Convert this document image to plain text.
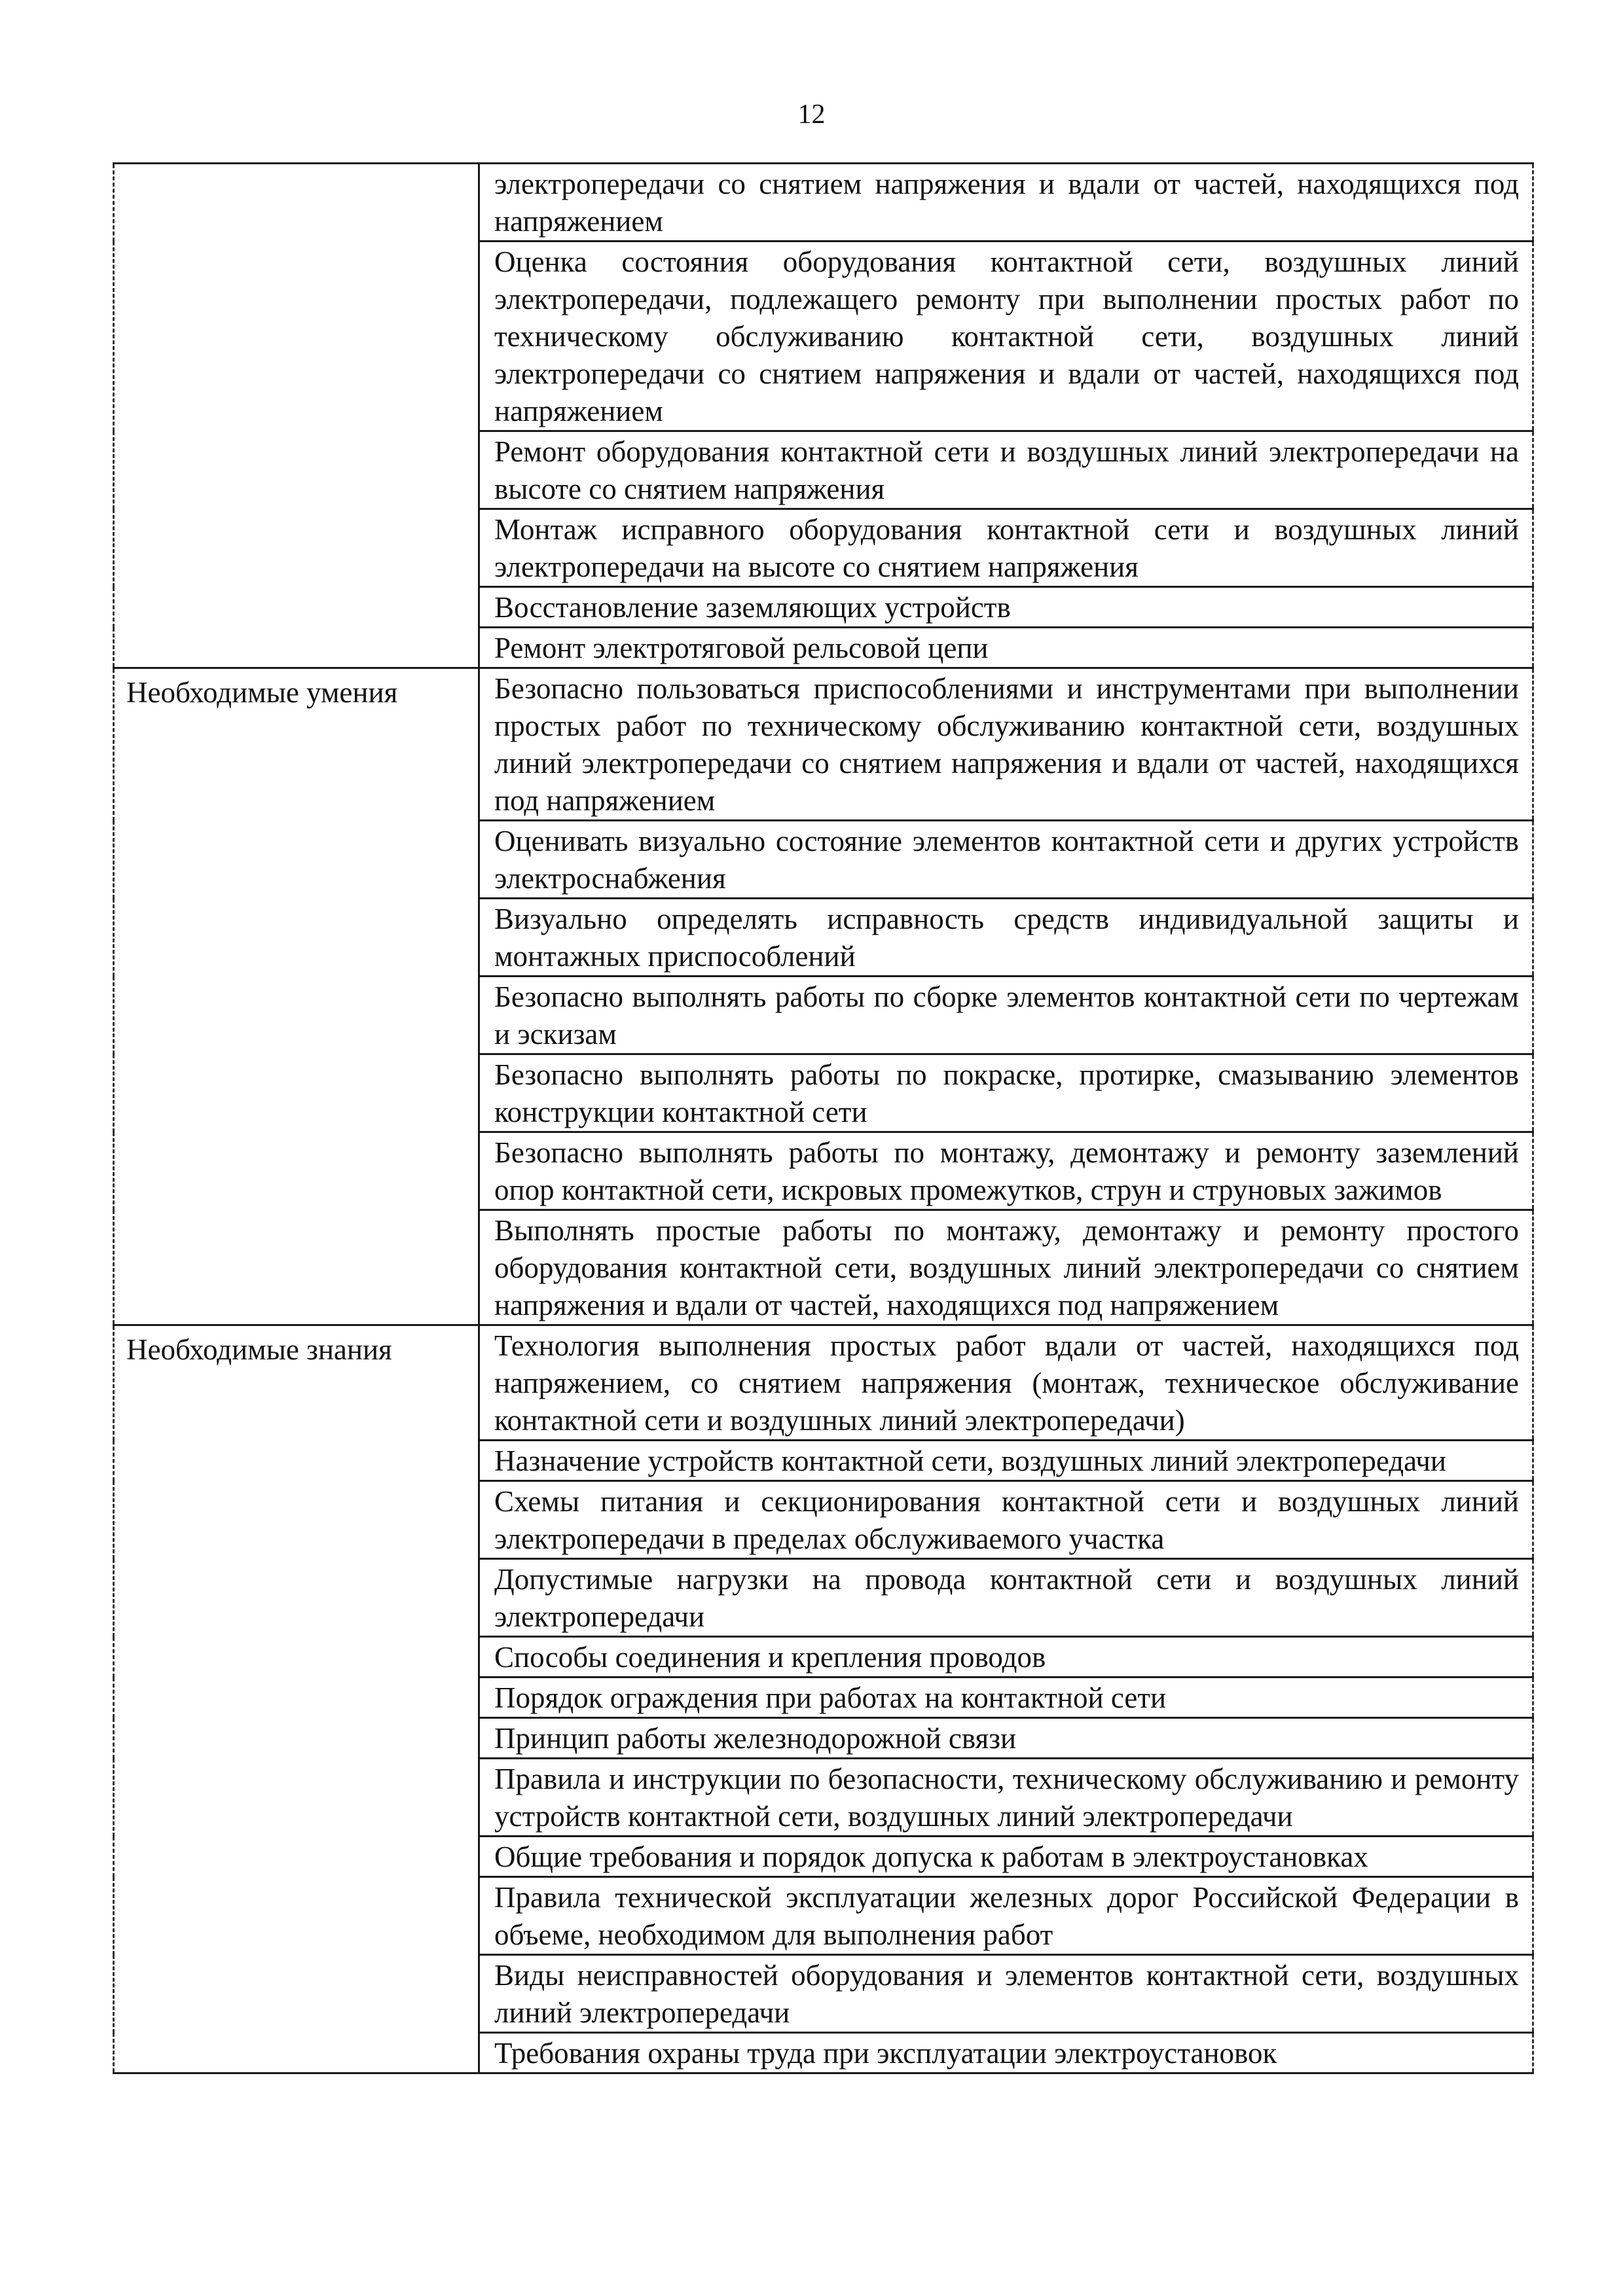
12
	электропередачи со снятием напряжения и вдали от частей, находящихся под напряжением
	Оценка состояния оборудования контактной сети, воздушных линий электропередачи, подлежащего ремонту при выполнении простых работ по техническому обслуживанию контактной сети, воздушных линий электропередачи со снятием напряжения и вдали от частей, находящихся под напряжением
	Ремонт оборудования контактной сети и воздушных линий электропередачи на высоте со снятием напряжения
	Монтаж исправного оборудования контактной сети и воздушных линий электропередачи на высоте со снятием напряжения
	Восстановление заземляющих устройств
	Ремонт электротяговой рельсовой цепи
Необходимые умения	Безопасно пользоваться приспособлениями и инструментами при выполнении простых работ по техническому обслуживанию контактной сети, воздушных линий электропередачи со снятием напряжения и вдали от частей, находящихся под напряжением
	Оценивать визуально состояние элементов контактной сети и других устройств электроснабжения
	Визуально определять исправность средств индивидуальной защиты и монтажных приспособлений
	Безопасно выполнять работы по сборке элементов контактной сети по чертежам и эскизам
	Безопасно выполнять работы по покраске, протирке, смазыванию элементов конструкции контактной сети
	Безопасно выполнять работы по монтажу, демонтажу и ремонту заземлений опор контактной сети, искровых промежутков, струн и струновых зажимов
	Выполнять простые работы по монтажу, демонтажу и ремонту простого оборудования контактной сети, воздушных линий электропередачи со снятием напряжения и вдали от частей, находящихся под напряжением
Необходимые знания	Технология выполнения простых работ вдали от частей, находящихся под напряжением, со снятием напряжения (монтаж, техническое обслуживание контактной сети и воздушных линий электропередачи)
	Назначение устройств контактной сети, воздушных линий электропередачи
	Схемы питания и секционирования контактной сети и воздушных линий электропередачи в пределах обслуживаемого участка
	Допустимые нагрузки на провода контактной сети и воздушных линий электропередачи
	Способы соединения и крепления проводов
	Порядок ограждения при работах на контактной сети
	Принцип работы железнодорожной связи
	Правила и инструкции по безопасности, техническому обслуживанию и ремонту устройств контактной сети, воздушных линий электропередачи
	Общие требования и порядок допуска к работам в электроустановках
	Правила технической эксплуатации железных дорог Российской Федерации в объеме, необходимом для выполнения работ
	Виды неисправностей оборудования и элементов контактной сети, воздушных линий электропередачи
	Требования охраны труда при эксплуатации электроустановок
